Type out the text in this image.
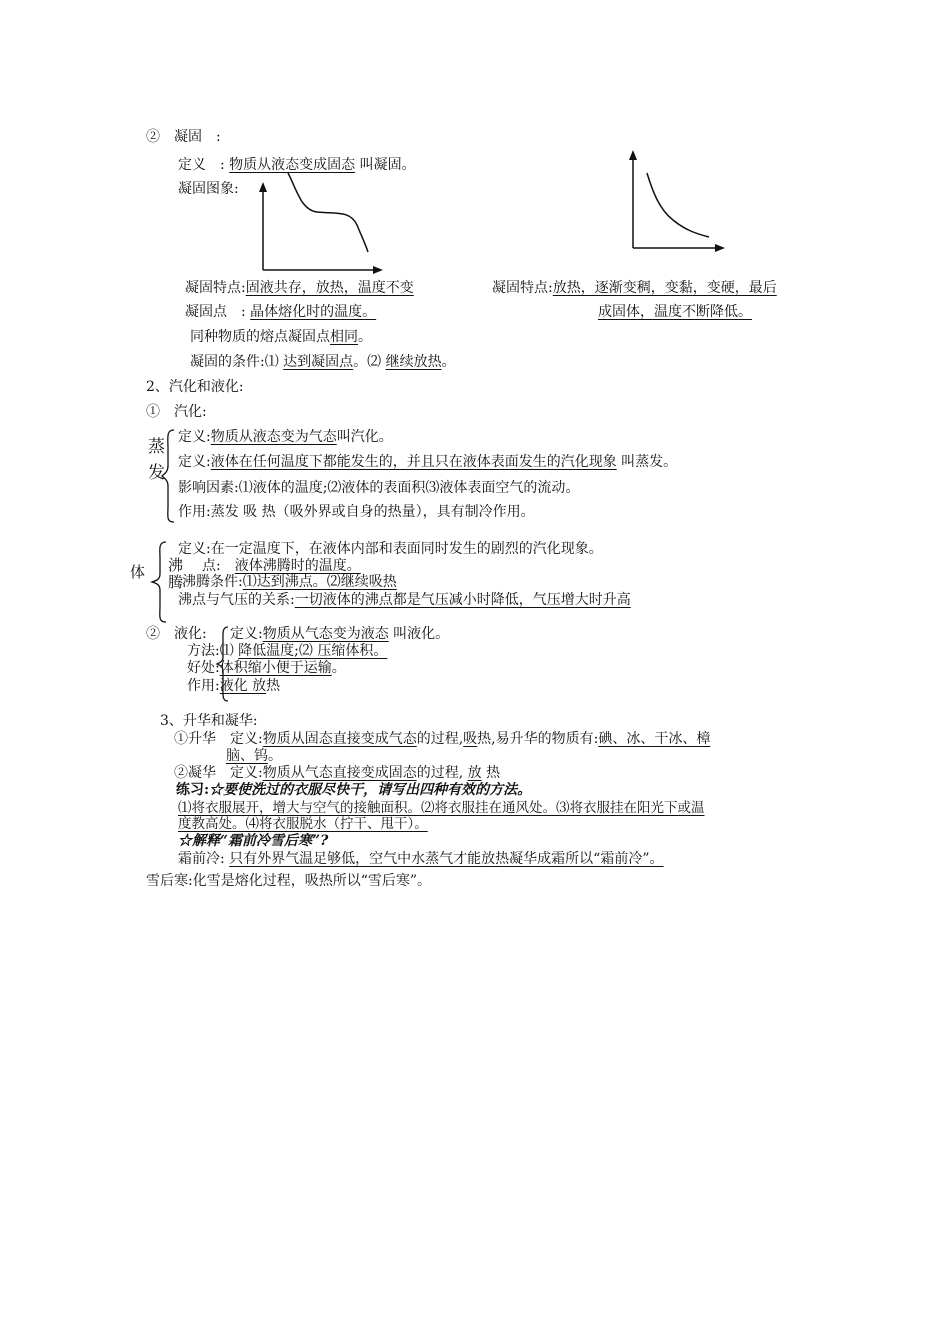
②　凝固　:
定义　: 物质从液态变成固态 叫凝固。
凝固图象:
凝固特点:固液共存，放热，温度不变	凝固特点:放热，逐渐变稠，变黏，变硬，最后
成固体，温度不断降低。
凝固点　: 晶体熔化时的温度。
同种物质的熔点凝固点相同。
凝固的条件:⑴ 达到凝固点。⑵ 继续放热。
2、汽化和液化:
①　汽化:
蒸
发
定义:物质从液态变为气态叫汽化。
定义:液体在任何温度下都能发生的，并且只在液体表面发生的汽化现象 叫蒸发。
影响因素:⑴液体的温度;⑵液体的表面积⑶液体表面空气的流动。
作用:蒸发 吸 热（吸外界或自身的热量），具有制冷作用。
体 沸
腾
定义:在一定温度下，在液体内部和表面同时发生的剧烈的汽化现象。
点:　 液体沸腾时的温度。
沸腾条件:⑴达到沸点。⑵继续吸热
沸点与气压的关系:一切液体的沸点都是气压减小时降低，气压增大时升高
②　液化: 定义:物质从气态变为液态 叫液化。
方法:⑴ 降低温度;⑵ 压缩体积。
好处:体积缩小便于运输。
作用:液化 放热
3、升华和凝华:
①升华　定义:物质从固态直接变成气态的过程,吸热,易升华的物质有:碘、冰、干冰、樟
脑、钨。
②凝华　定义:物质从气态直接变成固态的过程, 放 热
练习:☆要使洗过的衣服尽快干，请写出四种有效的方法。
⑴将衣服展开，增大与空气的接触面积。⑵将衣服挂在通风处。⑶将衣服挂在阳光下或温
度教高处。⑷将衣服脱水（拧干、甩干）。
☆解释“霜前冷雪后寒”?
霜前冷: 只有外界气温足够低，空气中水蒸气才能放热凝华成霜所以“霜前冷”。
雪后寒:化雪是熔化过程，吸热所以“雪后寒”。
